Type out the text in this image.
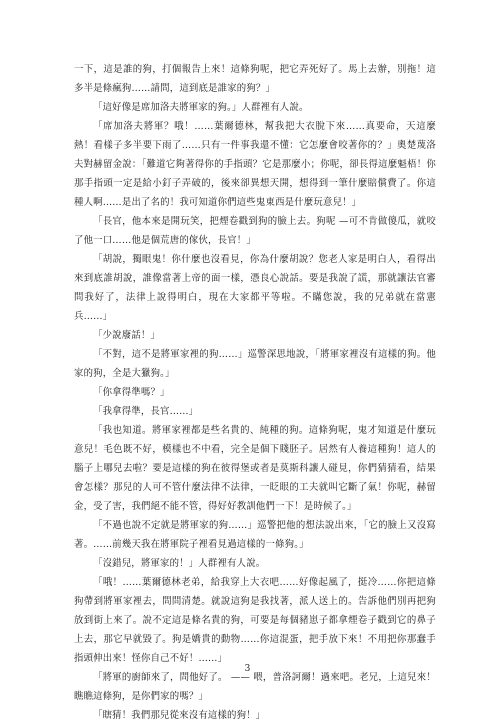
一下，這是誰的狗，打個報告上來！這條狗呢，把它弄死好了。馬上去辦，別拖！這多半是條瘋狗……請問，這到底是誰家的狗？」

「這好像是席加洛夫將軍家的狗。」人群裡有人說。

「席加洛夫將軍？哦！……葉爾德林，幫我把大衣脫下來……真要命，天這麼熱！看樣子多半要下雨了……只有一件事我還不懂：它怎麼會咬著你的？」奧楚蔑洛夫對赫留金說：「難道它夠著得你的手指頭？它是那麼小；你呢，卻長得這麼魁梧！你那手指頭一定是給小釘子弄破的，後來卻異想天開，想得到一筆什麼賠償費了。你這種人啊……是出了名的！我可知道你們這些鬼東西是什麼玩意兒！」

「長官，他本來是開玩笑，把煙卷戳到狗的臉上去。狗呢 —可不肯做傻瓜，就咬了他一口……他是個荒唐的傢伙，長官！」

「胡說，獨眼鬼！你什麼也沒看見，你為什麼胡說？您老人家是明白人，看得出來到底誰胡說，誰像當著上帝的面一樣，憑良心說話。要是我說了謊，那就讓法官審問我好了，法律上說得明白，現在大家都平等啦。不瞞您說，我的兄弟就在當憲兵……」

「少說廢話！」

「不對，這不是將軍家裡的狗……」巡警深思地說，「將軍家裡沒有這樣的狗。他家的狗，全是大獵狗。」

「你拿得準嗎？」

「我拿得準，長官……」

「我也知道。將軍家裡都是些名貴的、純種的狗。這條狗呢，鬼才知道是什麼玩意兒！毛色既不好，模樣也不中看，完全是個下賤胚子。居然有人養這種狗！這人的腦子上哪兒去啦？要是這樣的狗在彼得堡或者是莫斯科讓人碰見，你們猜猜看，結果會怎樣？那兒的人可不管什麼法律不法律，一眨眼的工夫就叫它斷了氣！你呢，赫留金，受了害，我們絕不能不管，得好好教訓他們一下！是時候了。」

「不過也說不定就是將軍家的狗……」巡警把他的想法說出來，「它的臉上又沒寫著。……前幾天我在將軍院子裡看見過這樣的一條狗。」

「沒錯兒，將軍家的！」人群裡有人說。

「哦！……葉爾德林老弟，給我穿上大衣吧……好像起風了，挺冷……你把這條狗帶到將軍家裡去，問問清楚。就說這狗是我找著，派人送上的。告訴他們別再把狗放到街上來了。說不定這是條名貴的狗，可要是每個豬崽子都拿煙卷子戳到它的鼻子上去，那它早就毀了。狗是嬌貴的動物……你這混蛋，把手放下來！不用把你那蠢手指頭伸出來！怪你自己不好！……」

「將軍的廚師來了，問他好了。 —— 喂，普洛訶爾！過來吧。老兄，上這兒來！瞧瞧這條狗，是你們家的嗎？」

「瞎猜！我們那兒從來沒有這樣的狗！」

3
